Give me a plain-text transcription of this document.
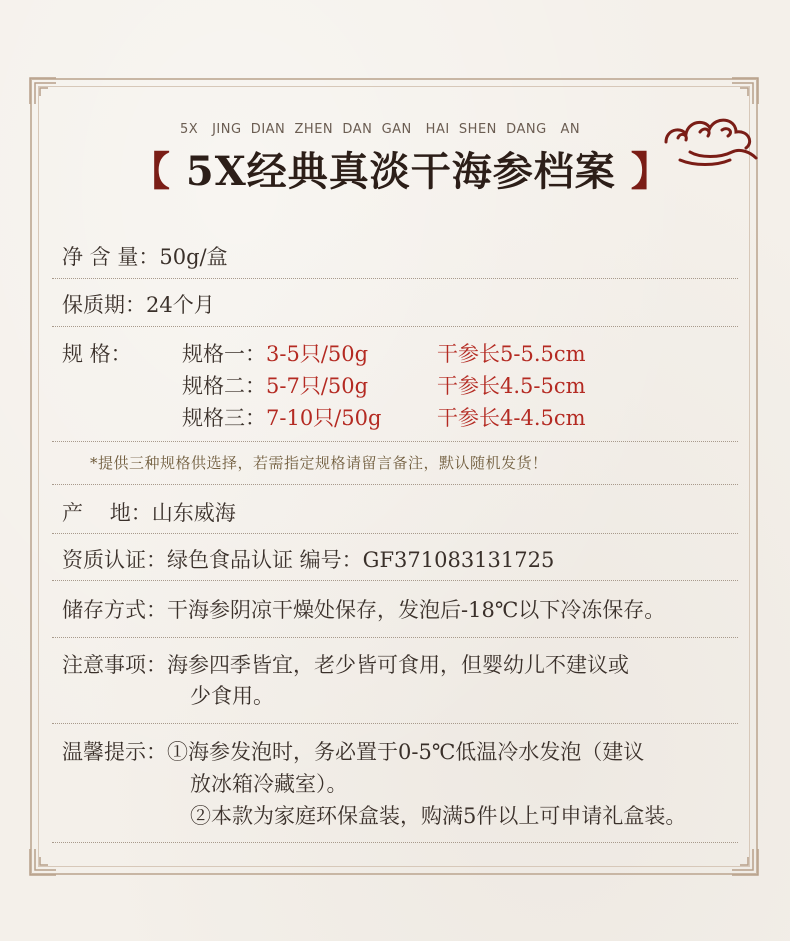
5X   JING  DIAN  ZHEN  DAN  GAN   HAI  SHEN  DANG   AN
【 5X经典真淡干海参档案 】
净 含 量：50g/盒
保质期：24个月
规 格：	规格一：3-5只/50g	干参长5-5.5cm
规格二：5-7只/50g	干参长4.5-5cm
规格三：7-10只/50g	干参长4-4.5cm
*提供三种规格供选择，若需指定规格请留言备注，默认随机发货！
产    地：山东威海
资质认证：绿色食品认证 编号：GF371083131725
储存方式：干海参阴凉干燥处保存，发泡后-18℃以下冷冻保存。
注意事项：海参四季皆宜，老少皆可食用，但婴幼儿不建议或
少食用。
温馨提示：①海参发泡时，务必置于0-5℃低温冷水发泡（建议
放冰箱冷藏室）。
②本款为家庭环保盒装，购满5件以上可申请礼盒装。
